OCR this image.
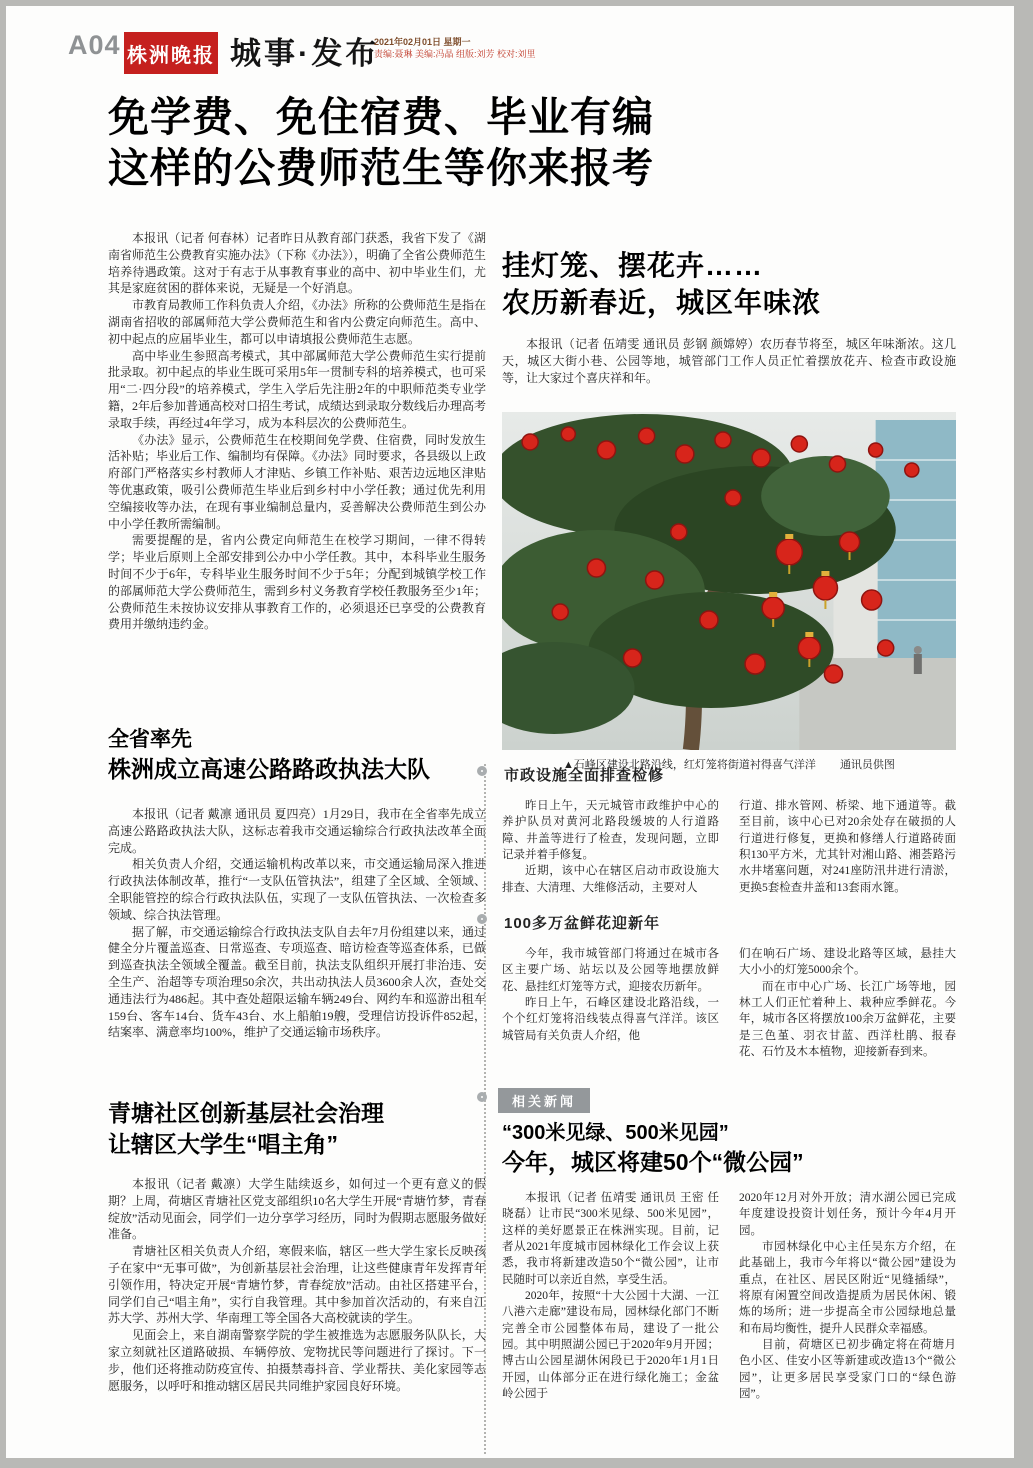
A04 株洲晚报 城事·发布
2021年02月01日 星期一
责编:聂琳 美编:冯晶 组版:刘芳 校对:刘里
免学费、免住宿费、毕业有编
这样的公费师范生等你来报考

本报讯（记者 何春林）记者昨日从教育部门获悉，我省下发了《湖南省师范生公费教育实施办法》（下称《办法》），明确了全省公费师范生培养待遇政策。这对于有志于从事教育事业的高中、初中毕业生们，尤其是家庭贫困的群体来说，无疑是一个好消息。

市教育局教师工作科负责人介绍，《办法》所称的公费师范生是指在湖南省招收的部属师范大学公费师范生和省内公费定向师范生。高中、初中起点的应届毕业生，都可以申请填报公费师范生志愿。

高中毕业生参照高考模式，其中部属师范大学公费师范生实行提前批录取。初中起点的毕业生既可采用5年一贯制专科的培养模式，也可采用“二·四分段”的培养模式，学生入学后先注册2年的中职师范类专业学籍，2年后参加普通高校对口招生考试，成绩达到录取分数线后办理高考录取手续，再经过4年学习，成为本科层次的公费师范生。

《办法》显示，公费师范生在校期间免学费、住宿费，同时发放生活补贴；毕业后工作、编制均有保障。《办法》同时要求，各县级以上政府部门严格落实乡村教师人才津贴、乡镇工作补贴、艰苦边远地区津贴等优惠政策，吸引公费师范生毕业后到乡村中小学任教；通过优先利用空编接收等办法，在现有事业编制总量内，妥善解决公费师范生到公办中小学任教所需编制。

需要提醒的是，省内公费定向师范生在校学习期间，一律不得转学；毕业后原则上全部安排到公办中小学任教。其中，本科毕业生服务时间不少于6年，专科毕业生服务时间不少于5年；分配到城镇学校工作的部属师范大学公费师范生，需到乡村义务教育学校任教服务至少1年；公费师范生未按协议安排从事教育工作的，必须退还已享受的公费教育费用并缴纳违约金。

全省率先
株洲成立高速公路路政执法大队

本报讯（记者 戴凛 通讯员 夏四亮）1月29日，我市在全省率先成立高速公路路政执法大队，这标志着我市交通运输综合行政执法改革全面完成。

相关负责人介绍，交通运输机构改革以来，市交通运输局深入推进行政执法体制改革，推行“一支队伍管执法”，组建了全区域、全领域、全职能管控的综合行政执法队伍，实现了一支队伍管执法、一次检查多领域、综合执法管理。

据了解，市交通运输综合行政执法支队自去年7月份组建以来，通过健全分片覆盖巡查、日常巡查、专项巡查、暗访检查等巡查体系，已做到巡查执法全领域全覆盖。截至目前，执法支队组织开展打非治违、安全生产、治超等专项治理50余次，共出动执法人员3600余人次，查处交通违法行为486起。其中查处超限运输车辆249台、网约车和巡游出租车159台、客车14台、货车43台、水上船舶19艘，受理信访投诉件852起，结案率、满意率均100%，维护了交通运输市场秩序。

青塘社区创新基层社会治理
让辖区大学生“唱主角”

本报讯（记者 戴凛）大学生陆续返乡，如何过一个更有意义的假期？上周，荷塘区青塘社区党支部组织10名大学生开展“青塘竹梦，青春绽放”活动见面会，同学们一边分享学习经历，同时为假期志愿服务做好准备。

青塘社区相关负责人介绍，寒假来临，辖区一些大学生家长反映孩子在家中“无事可做”，为创新基层社会治理，让这些健康青年发挥青年引领作用，特决定开展“青塘竹梦，青春绽放”活动。由社区搭建平台，同学们自己“唱主角”，实行自我管理。其中参加首次活动的，有来自江苏大学、苏州大学、华南理工等全国各大高校就读的学生。

见面会上，来自湖南警察学院的学生被推选为志愿服务队队长，大家立刻就社区道路破损、车辆停放、宠物扰民等问题进行了探讨。下一步，他们还将推动防疫宣传、拍摄禁毒抖音、学业帮扶、美化家园等志愿服务，以呼吁和推动辖区居民共同维护家园良好环境。

挂灯笼、摆花卉……
农历新春近，城区年味浓

本报讯（记者 伍靖雯 通讯员 彭钢 颜嫦婷）农历春节将至，城区年味渐浓。这几天，城区大街小巷、公园等地，城管部门工作人员正忙着摆放花卉、检查市政设施等，让大家过个喜庆祥和年。

▲石峰区建设北路沿线，红灯笼将街道衬得喜气洋洋 通讯员供图
市政设施全面排查检修

昨日上午，天元城管市政维护中心的养护队员对黄河北路段缓坡的人行道路障、井盖等进行了检查，发现问题，立即记录并着手修复。

近期，该中心在辖区启动市政设施大排查、大清理、大维修活动，主要对人

行道、排水管网、桥梁、地下通道等。截至目前，该中心已对20余处存在破损的人行道进行修复，更换和修缮人行道路砖面积130平方米，尤其针对湘山路、湘荟路污水井堵塞问题，对241座防汛井进行清淤，更换5套检查井盖和13套雨水篦。

100多万盆鲜花迎新年

今年，我市城管部门将通过在城市各区主要广场、站坛以及公园等地摆放鲜花、悬挂红灯笼等方式，迎接农历新年。

昨日上午，石峰区建设北路沿线，一个个红灯笼将沿线装点得喜气洋洋。该区城管局有关负责人介绍，他

们在响石广场、建设北路等区域，悬挂大大小小的灯笼5000余个。

而在市中心广场、长江广场等地，园林工人们正忙着种上、栽种应季鲜花。今年，城市各区将摆放100余万盆鲜花，主要是三色堇、羽衣甘蓝、西洋杜鹃、报春花、石竹及木本植物，迎接新春到来。

相关新闻
“300米见绿、500米见园”
今年，城区将建50个“微公园”

本报讯（记者 伍靖雯 通讯员 王密 任晓磊）让市民“300米见绿、500米见园”，这样的美好愿景正在株洲实现。目前，记者从2021年度城市园林绿化工作会议上获悉，我市将新建改造50个“微公园”，让市民随时可以亲近自然，享受生活。

2020年，按照“十大公园十大湖、一江八港六走廊”建设布局，园林绿化部门不断完善全市公园整体布局，建设了一批公园。其中明照湖公园已于2020年9月开园；博古山公园星湖休闲段已于2020年1月1日开园，山体部分正在进行绿化施工；金盆岭公园于

2020年12月对外开放；清水湖公园已完成年度建设投资计划任务，预计今年4月开园。

市园林绿化中心主任吴东方介绍，在此基础上，我市今年将以“微公园”建设为重点，在社区、居民区附近“见缝插绿”，将原有闲置空间改造提质为居民休闲、锻炼的场所；进一步提高全市公园绿地总量和布局均衡性，提升人民群众幸福感。

目前，荷塘区已初步确定将在荷塘月色小区、佳安小区等新建或改造13个“微公园”，让更多居民享受家门口的“绿色游园”。
